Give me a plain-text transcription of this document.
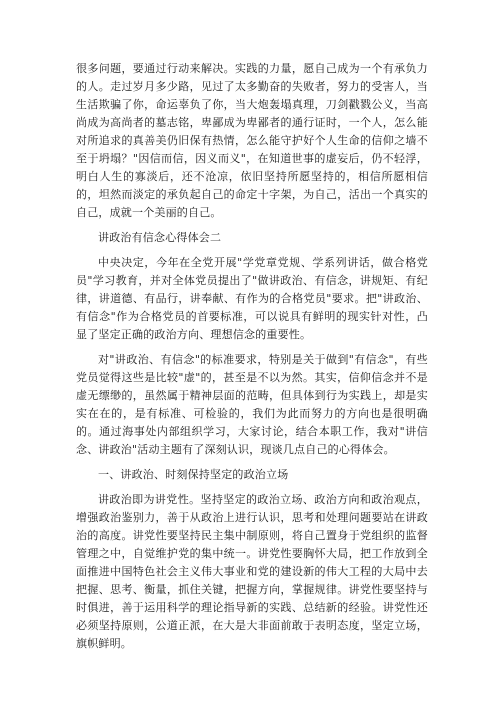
很多问题，要通过行动来解决。实践的力量，愿自己成为一个有承负力的人。走过岁月多少路，见过了太多勤奋的失败者，努力的受害人，当生活欺骗了你，命运辜负了你，当大炮轰塌真理，刀剑戳戮公义，当高尚成为高尚者的墓志铭，卑鄙成为卑鄙者的通行证时，一个人，怎么能对所追求的真善美仍旧保有热情，怎么能守护好个人生命的信仰之墙不至于坍塌？"因信而信，因义而义"，在知道世事的虚妄后，仍不轻浮，明白人生的寡淡后，还不沧凉，依旧坚持所愿坚持的，相信所愿相信的，坦然而淡定的承负起自己的命定十字架，为自己，活出一个真实的自己，成就一个美丽的自己。

讲政治有信念心得体会二

中央决定，今年在全党开展"学党章党规、学系列讲话，做合格党员"学习教育，并对全体党员提出了"做讲政治、有信念，讲规矩、有纪律，讲道德、有品行，讲奉献、有作为的合格党员"要求。把"讲政治、有信念"作为合格党员的首要标准，可以说具有鲜明的现实针对性，凸显了坚定正确的政治方向、理想信念的重要性。

对"讲政治、有信念"的标准要求，特别是关于做到"有信念"，有些党员觉得这些是比较"虚"的，甚至是不以为然。其实，信仰信念并不是虚无缥缈的，虽然属于精神层面的范畴，但具体到行为实践上，却是实实在在的，是有标准、可检验的，我们为此而努力的方向也是很明确的。通过海事处内部组织学习，大家讨论，结合本职工作，我对"讲信念、讲政治"活动主题有了深刻认识，现谈几点自己的心得体会。

一、讲政治、时刻保持坚定的政治立场

讲政治即为讲党性。坚持坚定的政治立场、政治方向和政治观点，增强政治鉴别力，善于从政治上进行认识，思考和处理问题要站在讲政治的高度。讲党性要坚持民主集中制原则，将自己置身于党组织的监督管理之中，自觉维护党的集中统一。讲党性要胸怀大局，把工作放到全面推进中国特色社会主义伟大事业和党的建设新的伟大工程的大局中去把握、思考、衡量，抓住关键，把握方向，掌握规律。讲党性要坚持与时俱进，善于运用科学的理论指导新的实践、总结新的经验。讲党性还必须坚持原则，公道正派，在大是大非面前敢于表明态度，坚定立场，旗帜鲜明。
